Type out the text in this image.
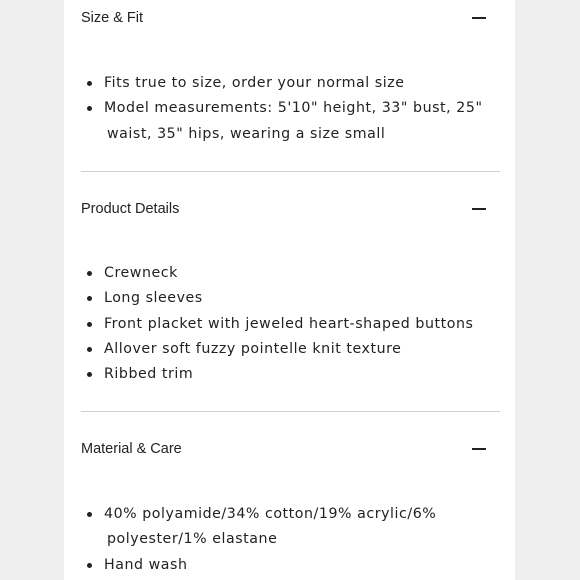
Size & Fit
Fits true to size, order your normal size
Model measurements: 5'10" height, 33" bust, 25"
waist, 35" hips, wearing a size small
Product Details
Crewneck
Long sleeves
Front placket with jeweled heart-shaped buttons
Allover soft fuzzy pointelle knit texture
Ribbed trim
Material & Care
40% polyamide/34% cotton/19% acrylic/6%
polyester/1% elastane
Hand wash
